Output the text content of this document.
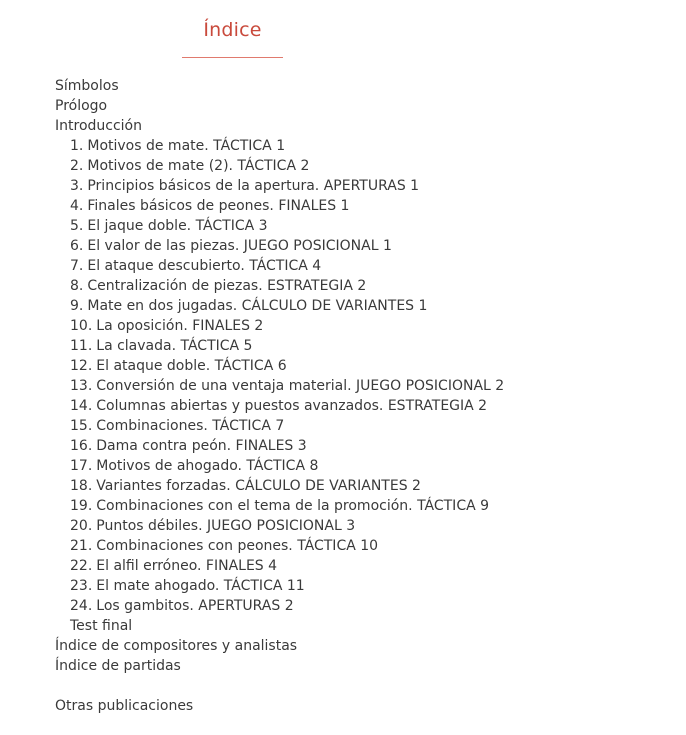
Índice
Símbolos
Prólogo
Introducción
1. Motivos de mate. TÁCTICA 1
2. Motivos de mate (2). TÁCTICA 2
3. Principios básicos de la apertura. APERTURAS 1
4. Finales básicos de peones. FINALES 1
5. El jaque doble. TÁCTICA 3
6. El valor de las piezas. JUEGO POSICIONAL 1
7. El ataque descubierto. TÁCTICA 4
8. Centralización de piezas. ESTRATEGIA 2
9. Mate en dos jugadas. CÁLCULO DE VARIANTES 1
10. La oposición. FINALES 2
11. La clavada. TÁCTICA 5
12. El ataque doble. TÁCTICA 6
13. Conversión de una ventaja material. JUEGO POSICIONAL 2
14. Columnas abiertas y puestos avanzados. ESTRATEGIA 2
15. Combinaciones. TÁCTICA 7
16. Dama contra peón. FINALES 3
17. Motivos de ahogado. TÁCTICA 8
18. Variantes forzadas. CÁLCULO DE VARIANTES 2
19. Combinaciones con el tema de la promoción. TÁCTICA 9
20. Puntos débiles. JUEGO POSICIONAL 3
21. Combinaciones con peones. TÁCTICA 10
22. El alfil erróneo. FINALES 4
23. El mate ahogado. TÁCTICA 11
24. Los gambitos. APERTURAS 2
Test final
Índice de compositores y analistas
Índice de partidas
Otras publicaciones
